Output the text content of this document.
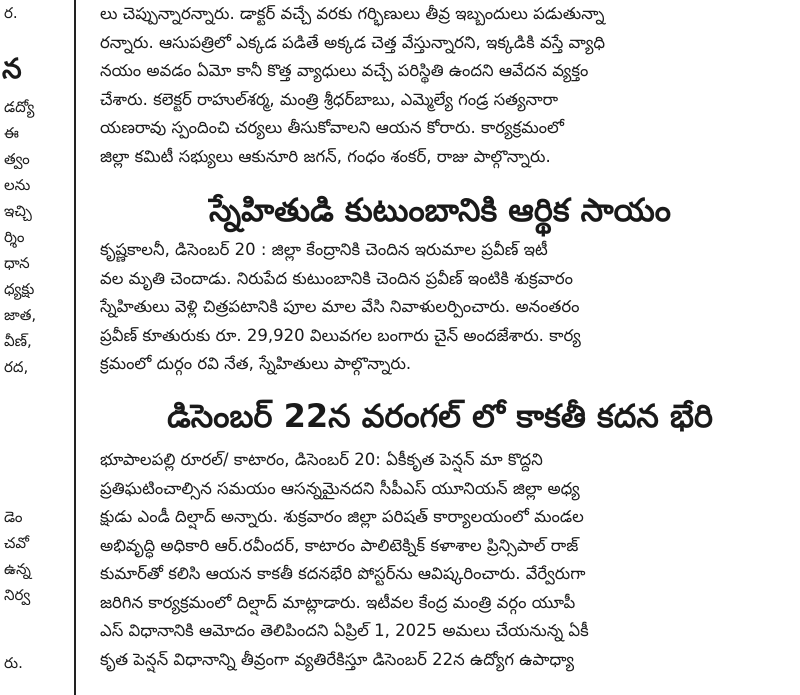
ర.
న
డద్యో
ఈ
త్వం
లను
ఇచ్చి
ర్శిం
ధాన
ధ్యక్షు
జాత,
వీణ్,
రద,
డెం
చవో
ఉన్న
నిర్వ
రు.
లు చెప్పున్నారన్నారు. డాక్టర్ వచ్చే వరకు గర్భిణులు తీవ్ర ఇబ్బందులు పడుతున్నా
రన్నారు. ఆసుపత్రిలో ఎక్కడ పడితే అక్కడ చెత్త వేస్తున్నారని, ఇక్కడికి వస్తే వ్యాధి
నయం అవడం ఏమో కానీ కొత్త వ్యాధులు వచ్చే పరిస్థితి ఉందని ఆవేదన వ్యక్తం
చేశారు. కలెక్టర్ రాహుల్‌శర్మ, మంత్రి శ్రీధర్‌బాబు, ఎమ్మెల్యే గండ్ర సత్యనారా
యణరావు స్పందించి చర్యలు తీసుకోవాలని ఆయన కోరారు. కార్యక్రమంలో
జిల్లా కమిటీ సభ్యులు ఆకునూరి జగన్, గంధం శంకర్, రాజు పాల్గొన్నారు.
స్నేహితుడి కుటుంబానికి ఆర్థిక సాయం
కృష్ణకాలనీ, డిసెంబర్ 20 : జిల్లా కేంద్రానికి చెందిన ఇరుమాల ప్రవీణ్ ఇటీ
వల మృతి చెందాడు. నిరుపేద కుటుంబానికి చెందిన ప్రవీణ్ ఇంటికి శుక్రవారం
స్నేహితులు వెళ్లి చిత్రపటానికి పూల మాల వేసి నివాళులర్పించారు. అనంతరం
ప్రవీణ్ కూతురుకు రూ. 29,920 విలువగల బంగారు చైన్ అందజేశారు. కార్య
క్రమంలో దుర్గం రవి నేత, స్నేహితులు పాల్గొన్నారు.
డిసెంబర్ 22న వరంగల్ లో కాకతీ కదన భేరి
భూపాలపల్లి రూరల్/ కాటారం, డిసెంబర్ 20: ఏకీకృత పెన్షన్ మా కొద్దని
ప్రతిఘటించాల్సిన సమయం ఆసన్నమైనదని సీపీఎస్ యూనియన్ జిల్లా అధ్య
క్షుడు ఎండీ దిల్షాద్ అన్నారు. శుక్రవారం జిల్లా పరిషత్ కార్యాలయంలో మండల
అభివృద్ధి అధికారి ఆర్.రవీందర్, కాటారం పాలిటెక్నిక్ కళాశాల ప్రిన్సిపాల్ రాజ్
కుమార్‌తో కలిసి ఆయన కాకతీ కదనభేరి పోస్టర్‌ను ఆవిష్కరించారు. వేర్వేరుగా
జరిగిన కార్యక్రమంలో దిల్షాద్ మాట్లాడారు. ఇటీవల కేంద్ర మంత్రి వర్గం యూపీ
ఎస్ విధానానికి ఆమోదం తెలిపిందని ఏప్రిల్ 1, 2025 అమలు చేయనున్న ఏకీ
కృత పెన్షన్ విధానాన్ని తీవ్రంగా వ్యతిరేకిస్తూ డిసెంబర్ 22న ఉద్యోగ ఉపాధ్యా
